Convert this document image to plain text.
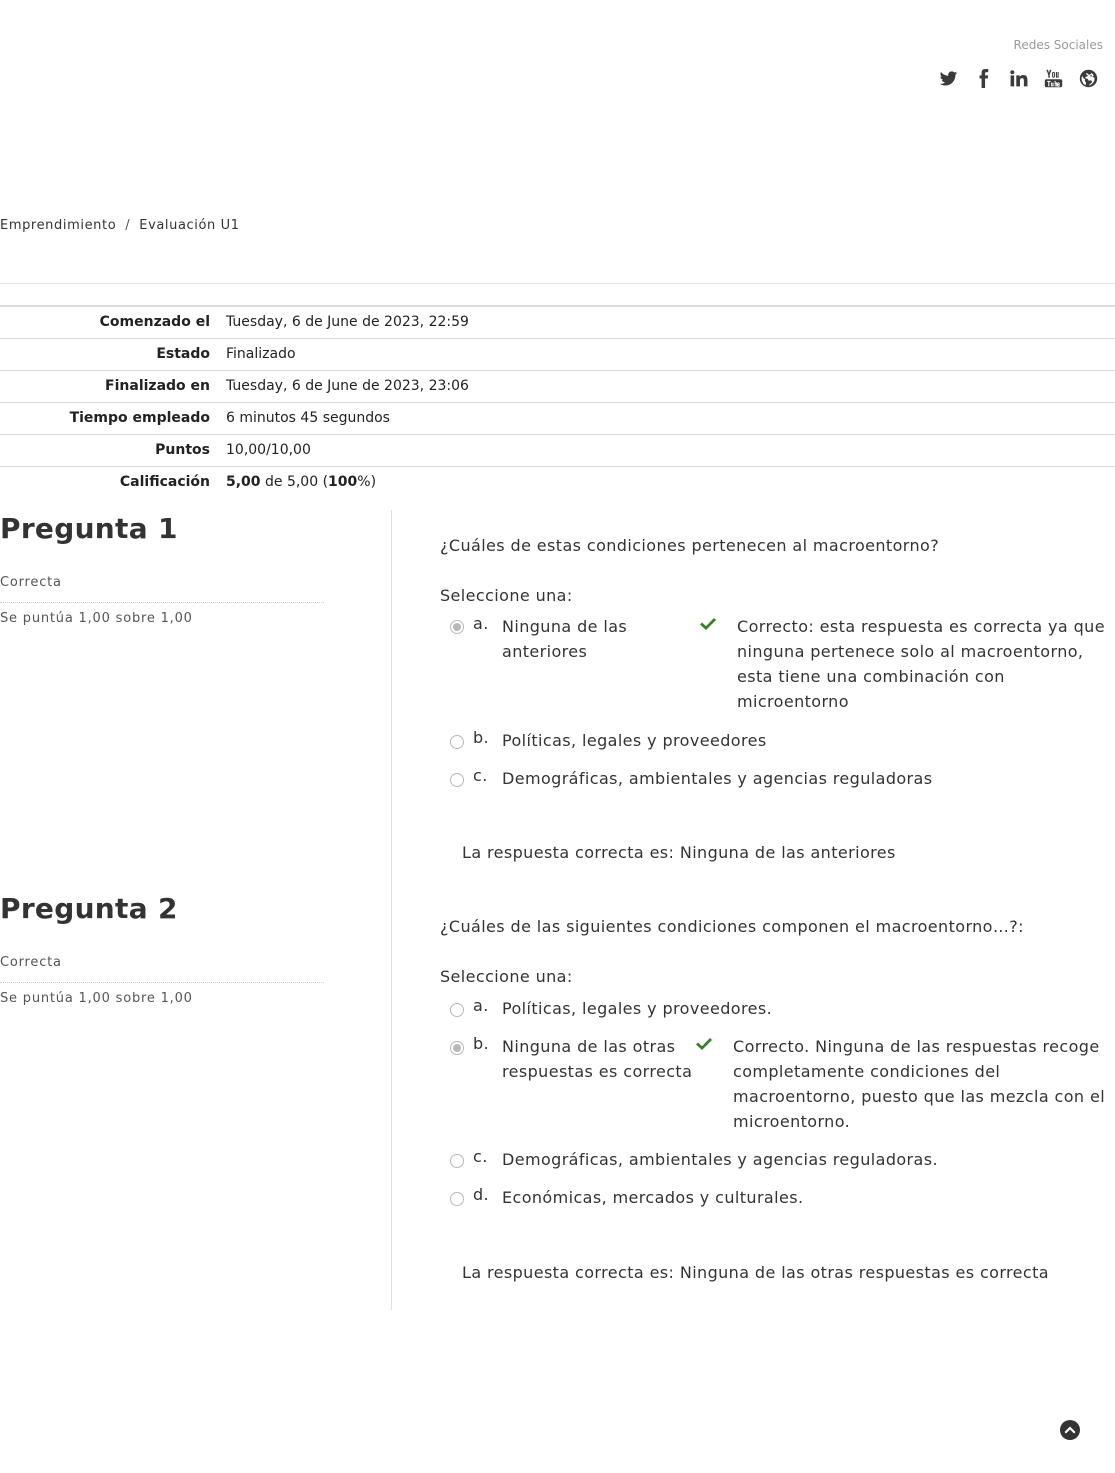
Redes Sociales
Emprendimiento / Evaluación U1
Comenzado el	Tuesday, 6 de June de 2023, 22:59
Estado	Finalizado
Finalizado en	Tuesday, 6 de June de 2023, 23:06
Tiempo empleado	6 minutos 45 segundos
Puntos	10,00/10,00
Calificación	5,00 de 5,00 (100%)
Pregunta 1
Correcta
Se puntúa 1,00 sobre 1,00
¿Cuáles de estas condiciones pertenecen al macroentorno?
Seleccione una:
a. Ninguna de las anteriores
Correcto: esta respuesta es correcta ya que ninguna pertenece solo al macroentorno, esta tiene una combinación con microentorno
b. Políticas, legales y proveedores
c. Demográficas, ambientales y agencias reguladoras
La respuesta correcta es: Ninguna de las anteriores
Pregunta 2
Correcta
Se puntúa 1,00 sobre 1,00
¿Cuáles de las siguientes condiciones componen el macroentorno…?:
Seleccione una:
a. Políticas, legales y proveedores.
b. Ninguna de las otras respuestas es correcta
Correcto. Ninguna de las respuestas recoge completamente condiciones del macroentorno, puesto que las mezcla con el microentorno.
c. Demográficas, ambientales y agencias reguladoras.
d. Económicas, mercados y culturales.
La respuesta correcta es: Ninguna de las otras respuestas es correcta
